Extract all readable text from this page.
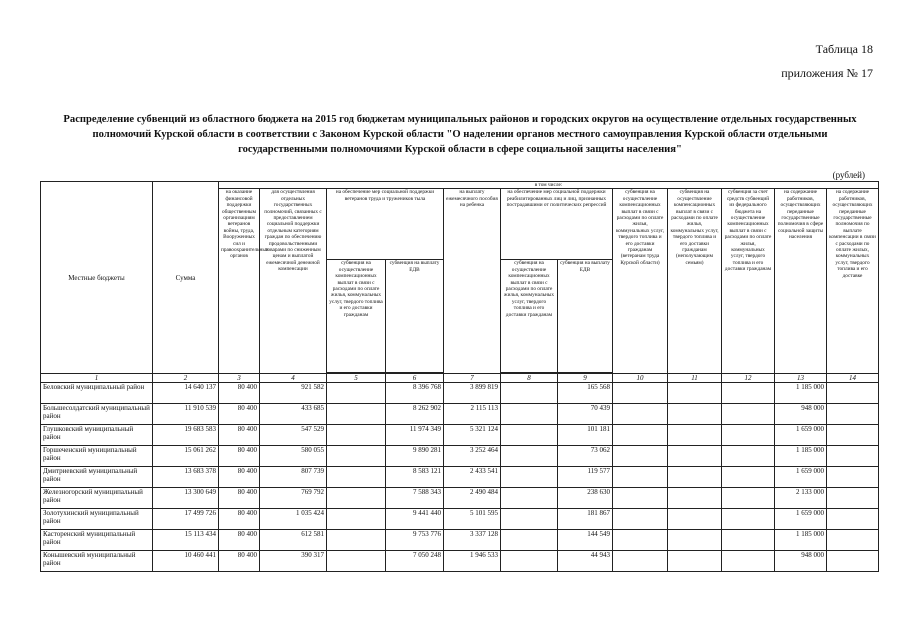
Таблица 18
приложения № 17
Распределение субвенций из областного бюджета на 2015 год бюджетам муниципальных районов и городских округов на осуществление отдельных государственных полномочий Курской области в соответствии с Законом Курской области "О наделении органов местного самоуправления Курской области отдельными государственными полномочиями Курской области в сфере социальной защиты населения"
(рублей)
Местные бюджеты	Сумма	в том числе:											
		на оказание финансовой поддержки общественным организациям ветеранов войны, труда, Вооруженных сил и правоохранительных органов	для осуществления отдельных государственных полномочий, связанных с предоставлением социальной поддержки отдельным категориям граждан по обеспечению продовольственными товарами по сниженным ценам и выплатой ежемесячной денежной компенсации	на обеспечение мер социальной поддержки ветеранов труда и тружеников тыла		на выплату ежемесячного пособия на ребенка	на обеспечение мер социальной поддержки реабилитированных лиц и лиц, признанных пострадавшими от политических репрессий		субвенция на осуществление компенсационных выплат в связи с расходами по оплате жилья, коммунальных услуг, твердого топлива и его доставки гражданам (ветеранам труда Курской области)	субвенция на осуществление компенсационных выплат в связи с расходами по оплате жилья, коммунальных услуг, твердого топлива и его доставки гражданам (неполучающим семьям)	субвенция за счет средств субвенций из федерального бюджета на осуществление компенсационных выплат в связи с расходами по оплате жилья, коммунальных услуг, твердого топлива и его доставки гражданам	на содержание работников, осуществляющих переданные государственные полномочия в сфере социальной защиты населения	на содержание работников, осуществляющих переданные государственные полномочия по выплате компенсации в связи с расходами по оплате жилых, коммунальных услуг, твердого топлива и его доставке
				субвенция на осуществление компенсационных выплат в связи с расходами по оплате жилья, коммунальных услуг, твердого топлива и его доставки гражданам	субвенция на выплату ЕДВ		субвенция на осуществление компенсационных выплат в связи с расходами по оплате жилья, коммунальных услуг, твердого топлива и его доставки гражданам	субвенция на выплату ЕДВ					

1	2	3	4	5	6	7	8	9	10	11	12	13	14
Беловский муниципальный район	14 640 137	80 400	921 582		8 396 768	3 899 819		165 568				1 185 000	
Большесолдатский муниципальный район	11 910 539	80 400	433 685		8 262 902	2 115 113		70 439				948 000	
Глушковский муниципальный район	19 683 583	80 400	547 529		11 974 349	5 321 124		101 181				1 659 000	
Горшеченский муниципальный район	15 061 262	80 400	580 055		9 890 281	3 252 464		73 062				1 185 000	
Дмитриевский муниципальный район	13 683 378	80 400	807 739		8 583 121	2 433 541		119 577				1 659 000	
Железногорский муниципальный район	13 300 649	80 400	769 792		7 588 343	2 490 484		238 630				2 133 000	
Золотухинский муниципальный район	17 499 726	80 400	1 035 424		9 441 440	5 101 595		181 867				1 659 000	
Касторенский муниципальный район	15 113 434	80 400	612 581		9 753 776	3 337 128		144 549				1 185 000	
Конышевский муниципальный район	10 460 441	80 400	390 317		7 050 248	1 946 533		44 943				948 000	
